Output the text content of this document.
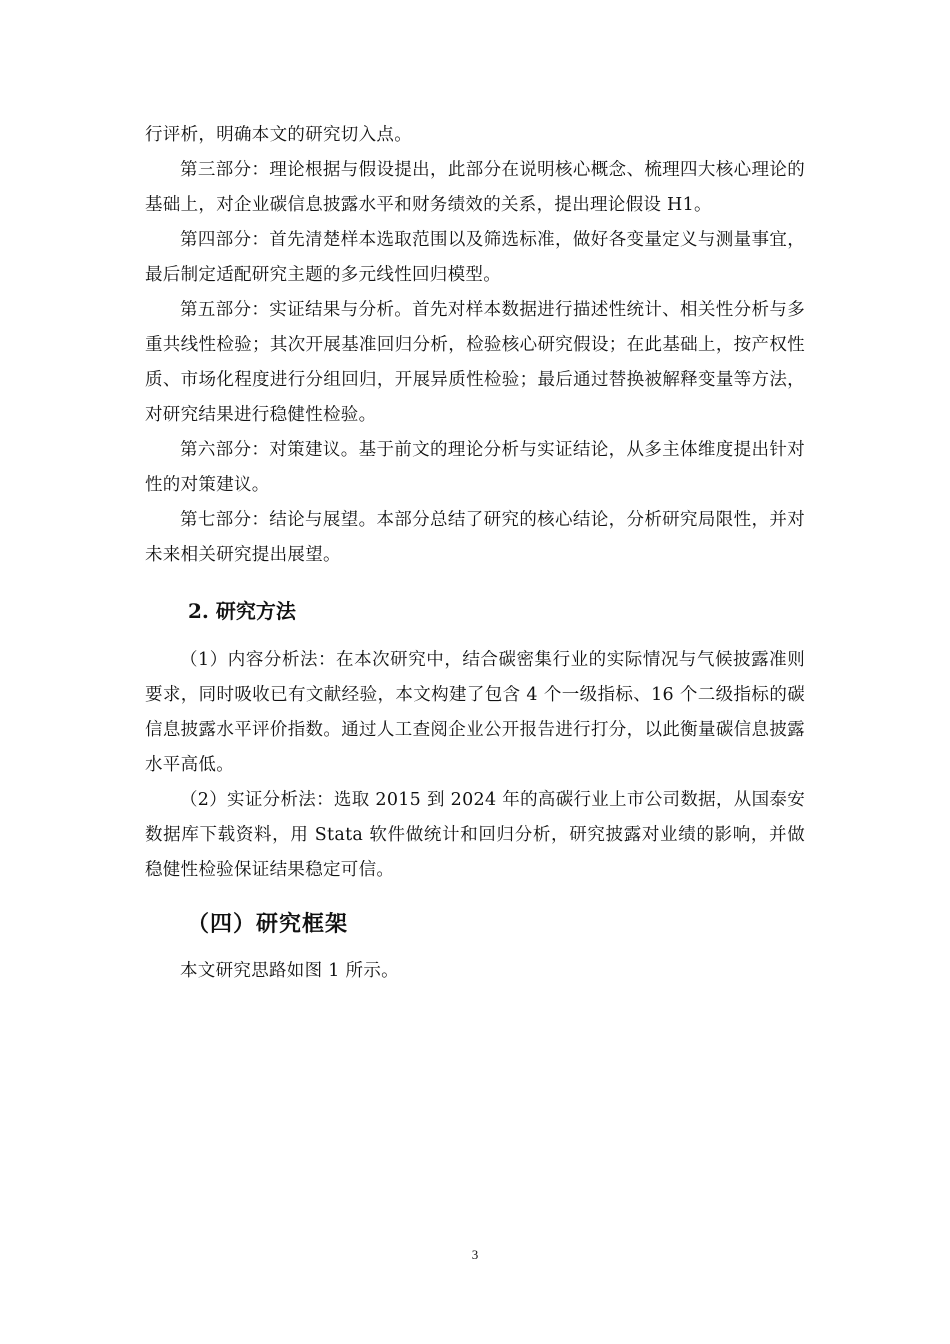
行评析，明确本文的研究切入点。

第三部分：理论根据与假设提出，此部分在说明核心概念、梳理四大核心理论的基础上，对企业碳信息披露水平和财务绩效的关系，提出理论假设 H1。

第四部分：首先清楚样本选取范围以及筛选标准，做好各变量定义与测量事宜，最后制定适配研究主题的多元线性回归模型。

第五部分：实证结果与分析。首先对样本数据进行描述性统计、相关性分析与多重共线性检验；其次开展基准回归分析，检验核心研究假设；在此基础上，按产权性质、市场化程度进行分组回归，开展异质性检验；最后通过替换被解释变量等方法，对研究结果进行稳健性检验。

第六部分：对策建议。基于前文的理论分析与实证结论，从多主体维度提出针对性的对策建议。

第七部分：结论与展望。本部分总结了研究的核心结论，分析研究局限性，并对未来相关研究提出展望。

2. 研究方法

（1）内容分析法：在本次研究中，结合碳密集行业的实际情况与气候披露准则要求，同时吸收已有文献经验，本文构建了包含 4 个一级指标、16 个二级指标的碳信息披露水平评价指数。通过人工查阅企业公开报告进行打分，以此衡量碳信息披露水平高低。

（2）实证分析法：选取 2015 到 2024 年的高碳行业上市公司数据，从国泰安数据库下载资料，用 Stata 软件做统计和回归分析，研究披露对业绩的影响，并做稳健性检验保证结果稳定可信。

（四）研究框架

本文研究思路如图 1 所示。

3
